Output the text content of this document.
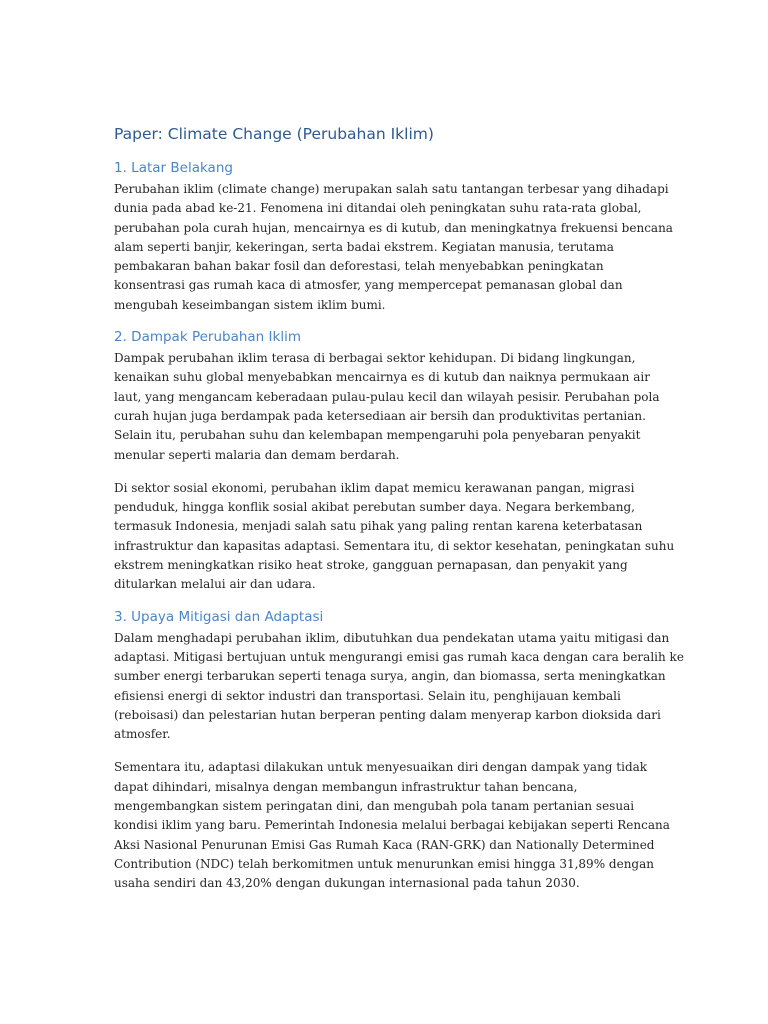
Paper: Climate Change (Perubahan Iklim)
1. Latar Belakang

Perubahan iklim (climate change) merupakan salah satu tantangan terbesar yang dihadapi
dunia pada abad ke-21. Fenomena ini ditandai oleh peningkatan suhu rata-rata global,
perubahan pola curah hujan, mencairnya es di kutub, dan meningkatnya frekuensi bencana
alam seperti banjir, kekeringan, serta badai ekstrem. Kegiatan manusia, terutama
pembakaran bahan bakar fosil dan deforestasi, telah menyebabkan peningkatan
konsentrasi gas rumah kaca di atmosfer, yang mempercepat pemanasan global dan
mengubah keseimbangan sistem iklim bumi.

2. Dampak Perubahan Iklim

Dampak perubahan iklim terasa di berbagai sektor kehidupan. Di bidang lingkungan,
kenaikan suhu global menyebabkan mencairnya es di kutub dan naiknya permukaan air
laut, yang mengancam keberadaan pulau-pulau kecil dan wilayah pesisir. Perubahan pola
curah hujan juga berdampak pada ketersediaan air bersih dan produktivitas pertanian.
Selain itu, perubahan suhu dan kelembapan mempengaruhi pola penyebaran penyakit
menular seperti malaria dan demam berdarah.

Di sektor sosial ekonomi, perubahan iklim dapat memicu kerawanan pangan, migrasi
penduduk, hingga konflik sosial akibat perebutan sumber daya. Negara berkembang,
termasuk Indonesia, menjadi salah satu pihak yang paling rentan karena keterbatasan
infrastruktur dan kapasitas adaptasi. Sementara itu, di sektor kesehatan, peningkatan suhu
ekstrem meningkatkan risiko heat stroke, gangguan pernapasan, dan penyakit yang
ditularkan melalui air dan udara.

3. Upaya Mitigasi dan Adaptasi

Dalam menghadapi perubahan iklim, dibutuhkan dua pendekatan utama yaitu mitigasi dan
adaptasi. Mitigasi bertujuan untuk mengurangi emisi gas rumah kaca dengan cara beralih ke
sumber energi terbarukan seperti tenaga surya, angin, dan biomassa, serta meningkatkan
efisiensi energi di sektor industri dan transportasi. Selain itu, penghijauan kembali
(reboisasi) dan pelestarian hutan berperan penting dalam menyerap karbon dioksida dari
atmosfer.

Sementara itu, adaptasi dilakukan untuk menyesuaikan diri dengan dampak yang tidak
dapat dihindari, misalnya dengan membangun infrastruktur tahan bencana,
mengembangkan sistem peringatan dini, dan mengubah pola tanam pertanian sesuai
kondisi iklim yang baru. Pemerintah Indonesia melalui berbagai kebijakan seperti Rencana
Aksi Nasional Penurunan Emisi Gas Rumah Kaca (RAN-GRK) dan Nationally Determined
Contribution (NDC) telah berkomitmen untuk menurunkan emisi hingga 31,89% dengan
usaha sendiri dan 43,20% dengan dukungan internasional pada tahun 2030.
